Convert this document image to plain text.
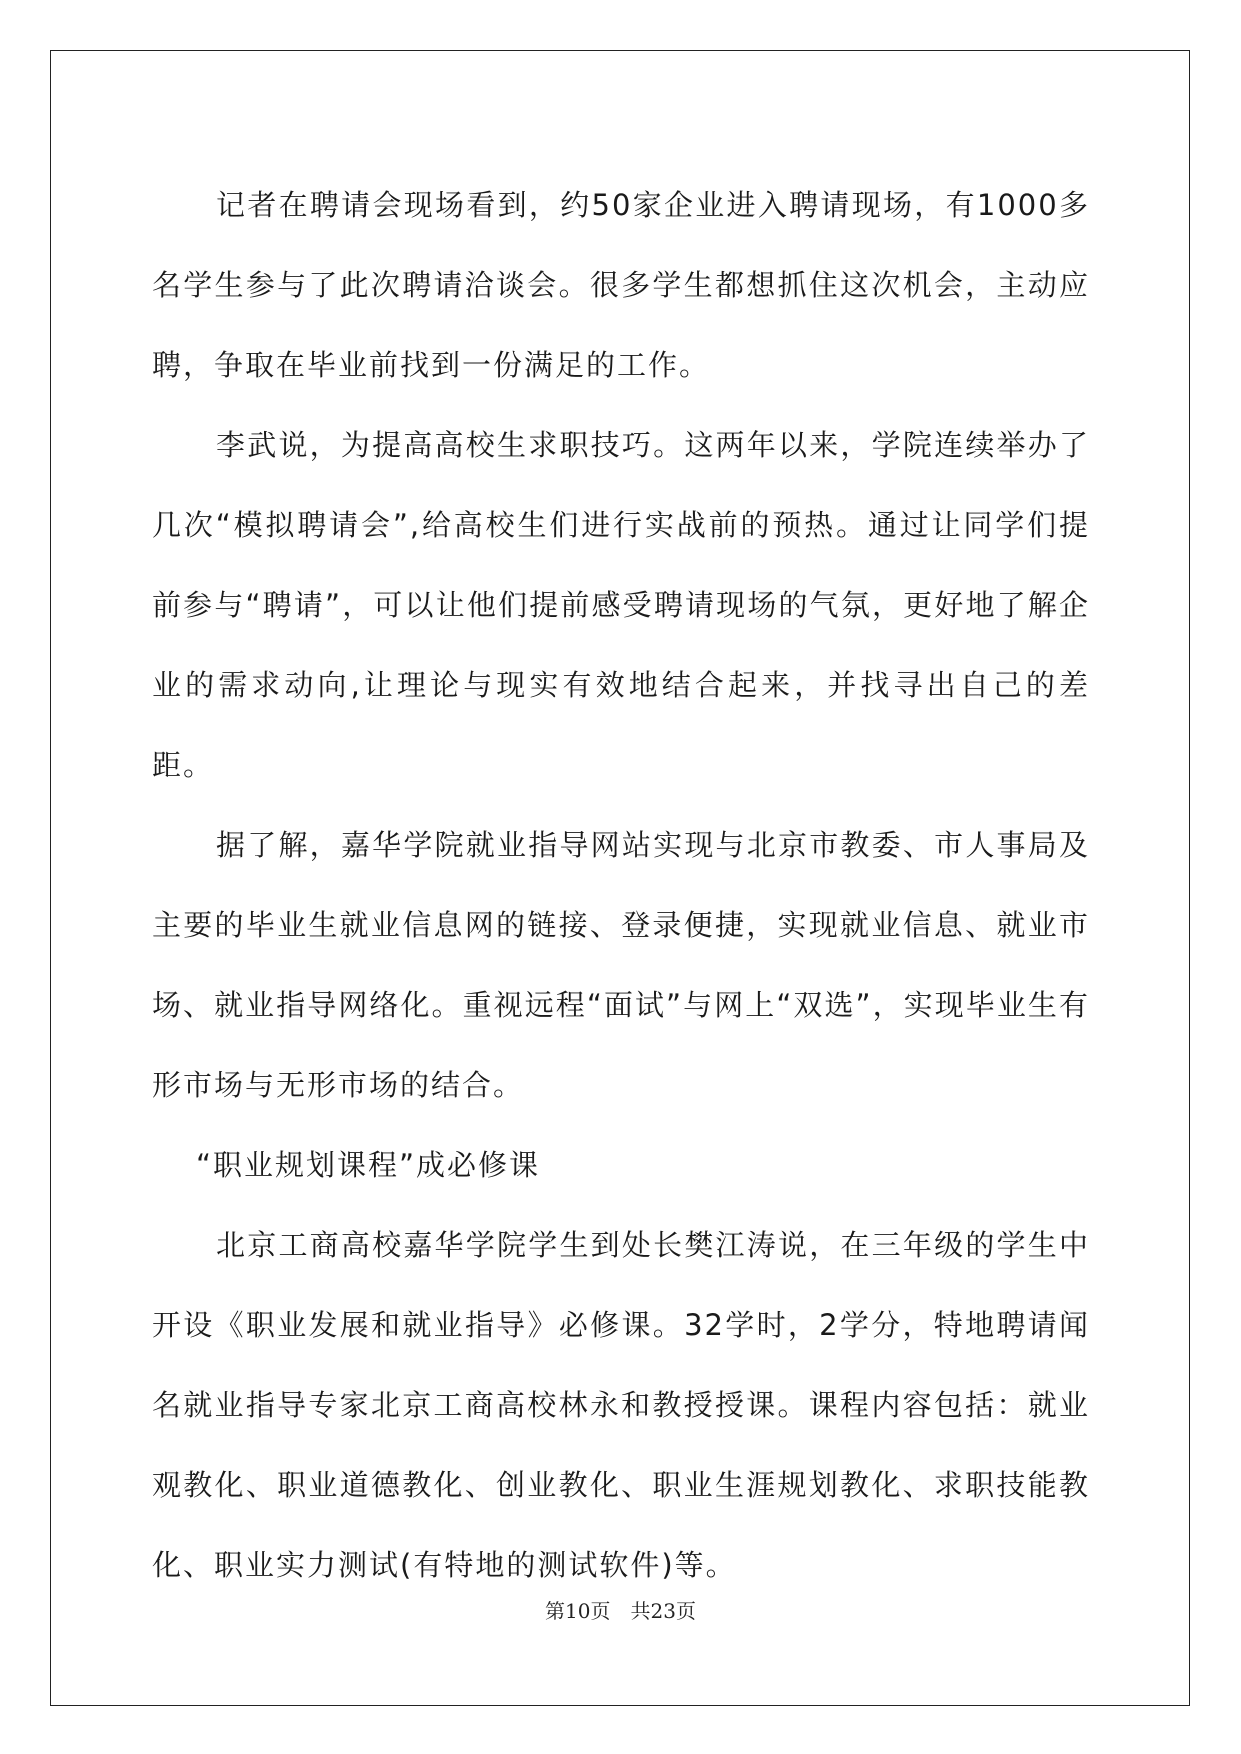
记者在聘请会现场看到，约50家企业进入聘请现场，有1000多名学生参与了此次聘请洽谈会。很多学生都想抓住这次机会，主动应聘，争取在毕业前找到一份满足的工作。

李武说，为提高高校生求职技巧。这两年以来，学院连续举办了几次“模拟聘请会”,给高校生们进行实战前的预热。通过让同学们提前参与“聘请”，可以让他们提前感受聘请现场的气氛，更好地了解企业的需求动向,让理论与现实有效地结合起来，并找寻出自己的差距。

据了解，嘉华学院就业指导网站实现与北京市教委、市人事局及主要的毕业生就业信息网的链接、登录便捷，实现就业信息、就业市场、就业指导网络化。重视远程“面试”与网上“双选”，实现毕业生有形市场与无形市场的结合。

“职业规划课程”成必修课

北京工商高校嘉华学院学生到处长樊江涛说，在三年级的学生中开设《职业发展和就业指导》必修课。32学时，2学分，特地聘请闻名就业指导专家北京工商高校林永和教授授课。课程内容包括：就业观教化、职业道德教化、创业教化、职业生涯规划教化、求职技能教化、职业实力测试(有特地的测试软件)等。

第10页　共23页
